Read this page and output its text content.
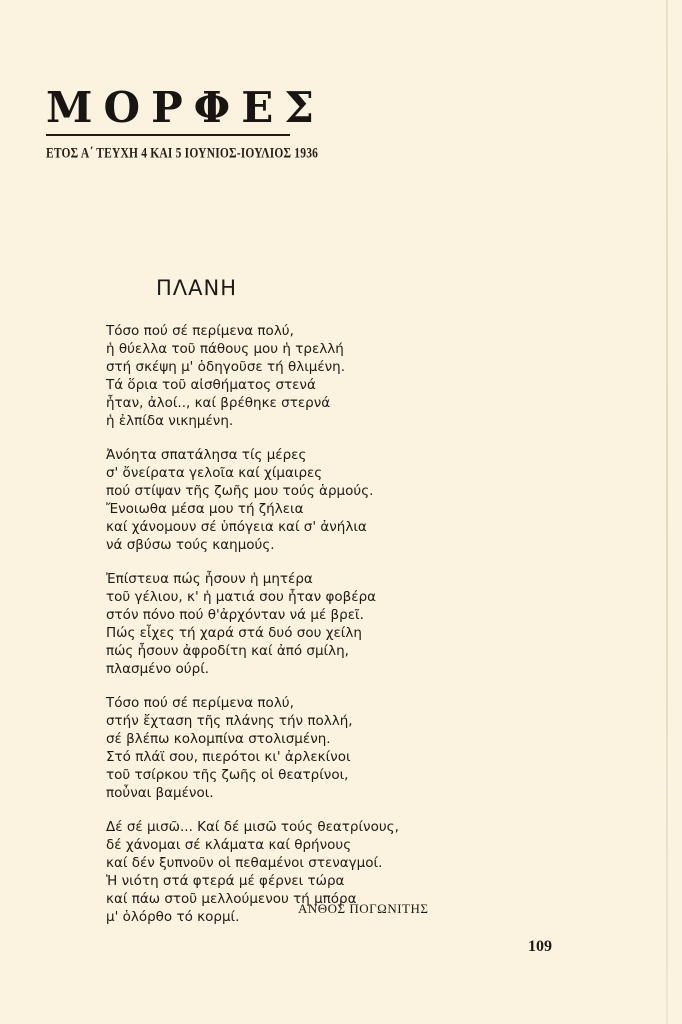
ΜΟΡΦΕΣ
ΕΤΟΣ Α΄ ΤΕΥΧΗ 4 ΚΑΙ 5 ΙΟΥΝΙΟΣ-ΙΟΥΛΙΟΣ 1936
ΠΛΑΝΗ
Τόσο πού σέ περίμενα πολύ,
ἡ θύελλα τοῦ πάθους μου ἡ τρελλή
στή σκέψη μ' ὁδηγοῦσε τή θλιμένη.
Τά ὅρια τοῦ αἰσθήματος στενά
ἦταν, ἀλοί.., καί βρέθηκε στερνά
ἡ ἐλπίδα νικημένη.
Ἀνόητα σπατάλησα τίς μέρες
σ' ὄνείρατα γελοῖα καί χίμαιρες
πού στίψαν τῆς ζωῆς μου τούς ἁρμούς.
Ἔνοιωθα μέσα μου τή ζήλεια
καί χάνομουν σέ ὑπόγεια καί σ' ἀνήλια
νά σβύσω τούς καημούς.
Ἐπίστευα πώς ἦσουν ἡ μητέρα
τοῦ γέλιου, κ' ἡ ματιά σου ἦταν φοβέρα
στόν πόνο πού θ'ἀρχόνταν νά μέ βρεῖ.
Πώς εἶχες τή χαρά στά δυό σου χείλη
πώς ἦσουν ἀφροδίτη καί ἀπό σμίλη,
πλασμένο ούρί.
Τόσο πού σέ περίμενα πολύ,
στήν ἔχταση τῆς πλάνης τήν πολλή,
σέ βλέπω κολομπίνα στολισμένη.
Στό πλάϊ σου, πιερότοι κι' ἀρλεκίνοι
τοῦ τσίρκου τῆς ζωῆς οἱ θεατρίνοι,
ποὖναι βαμένοι.
Δέ σέ μισῶ... Καί δέ μισῶ τούς θεατρίνους,
δέ χάνομαι σέ κλάματα καί θρήνους
καί δέν ξυπνοῦν οἱ πεθαμένοι στεναγμοί.
Ἡ νιότη στά φτερά μέ φέρνει τώρα
καί πάω στοῦ μελλούμενου τή μπόρα
μ' ὁλόρθο τό κορμί.
ΑΝΘΟΣ ΠΟΓΩΝΙΤΗΣ
109
